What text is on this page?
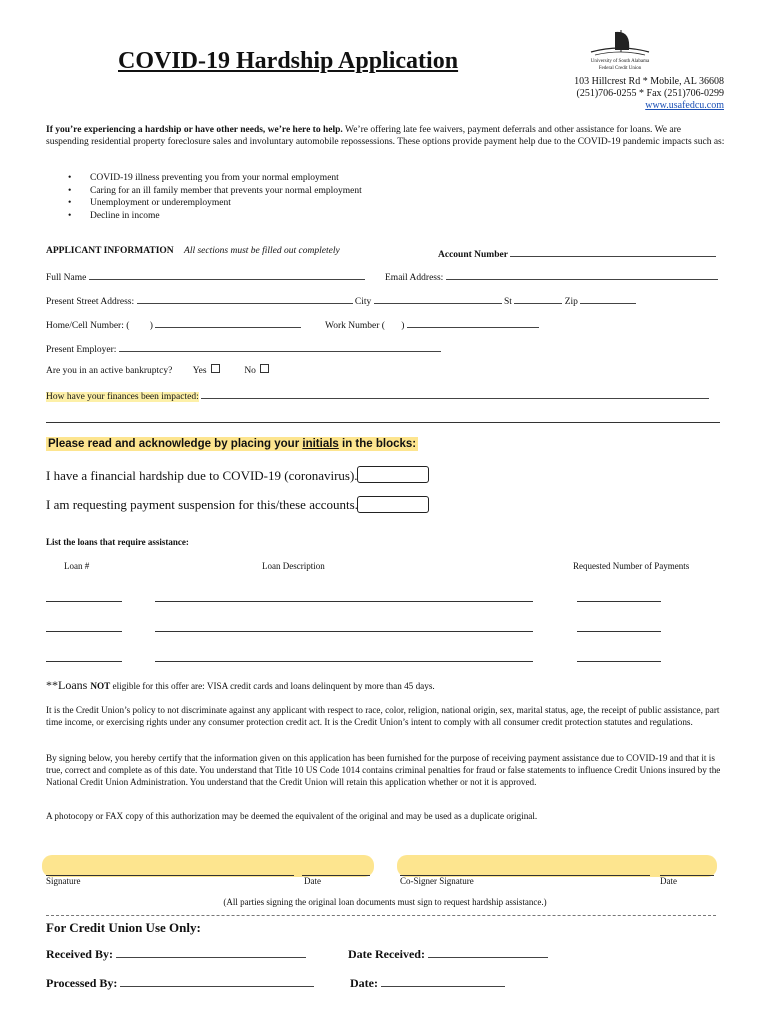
COVID-19 Hardship Application	University of South Alabama
Federal Credit Union
103 Hillcrest Rd * Mobile, AL 36608
(251)706-0255 * Fax (251)706-0299
www.usafedcu.com
If you’re experiencing a hardship or have other needs, we’re here to help. We’re offering late fee waivers, payment deferrals and other assistance for loans. We are suspending residential property foreclosure sales and involuntary automobile repossessions. These options provide payment help due to the COVID-19 pandemic impacts such as:
• COVID-19 illness preventing you from your normal employment
• Caring for an ill family member that prevents your normal employment
• Unemployment or underemployment
• Decline in income
APPLICANT INFORMATION All sections must be filled out completely	Account Number
Full Name	Email Address:
Present Street Address:	City	St	Zip
Home/Cell Number: ( )	Work Number ( )
Present Employer:
Are you in an active bankruptcy? Yes	No
How have your finances been impacted:
Please read and acknowledge by placing your initials in the blocks:
I have a financial hardship due to COVID-19 (coronavirus).
I am requesting payment suspension for this/these accounts.
List the loans that require assistance:
Loan #	Loan Description	Requested Number of Payments
**Loans NOT eligible for this offer are: VISA credit cards and loans delinquent by more than 45 days.
It is the Credit Union’s policy to not discriminate against any applicant with respect to race, color, religion, national origin, sex, marital status, age, the receipt of public assistance, part time income, or exercising rights under any consumer protection credit act. It is the Credit Union’s intent to comply with all consumer credit protection statutes and regulations.
By signing below, you hereby certify that the information given on this application has been furnished for the purpose of receiving payment assistance due to COVID-19 and that it is true, correct and complete as of this date. You understand that Title 10 US Code 1014 contains criminal penalties for fraud or false statements to influence Credit Unions insured by the National Credit Union Administration. You understand that the Credit Union will retain this application whether or not it is approved.
A photocopy or FAX copy of this authorization may be deemed the equivalent of the original and may be used as a duplicate original.
Signature	Date	Co-Signer Signature	Date
(All parties signing the original loan documents must sign to request hardship assistance.)
For Credit Union Use Only:
Received By:	Date Received:
Processed By:	Date:
